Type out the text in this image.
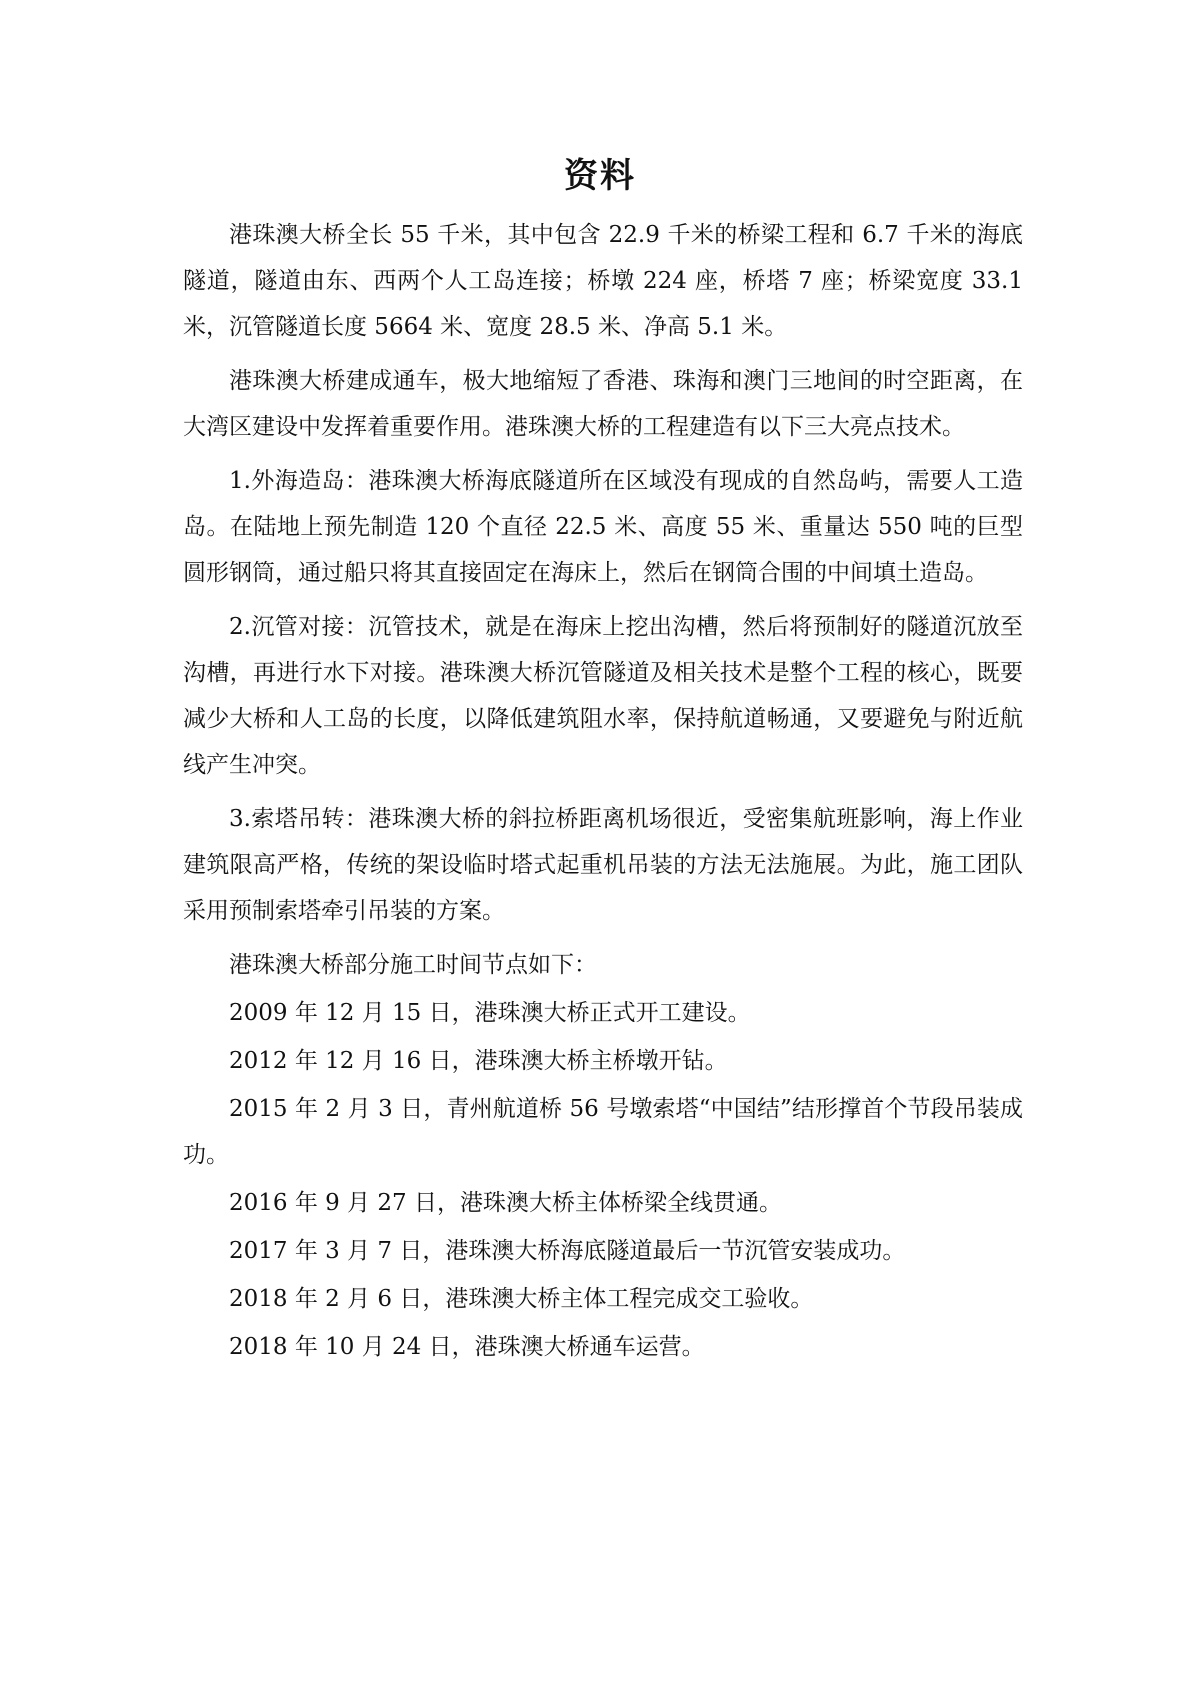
资料

港珠澳大桥全长 55 千米，其中包含 22.9 千米的桥梁工程和 6.7 千米的海底隧道，隧道由东、西两个人工岛连接；桥墩 224 座，桥塔 7 座；桥梁宽度 33.1 米，沉管隧道长度 5664 米、宽度 28.5 米、净高 5.1 米。

港珠澳大桥建成通车，极大地缩短了香港、珠海和澳门三地间的时空距离，在大湾区建设中发挥着重要作用。港珠澳大桥的工程建造有以下三大亮点技术。

1.外海造岛：港珠澳大桥海底隧道所在区域没有现成的自然岛屿，需要人工造岛。在陆地上预先制造 120 个直径 22.5 米、高度 55 米、重量达 550 吨的巨型圆形钢筒，通过船只将其直接固定在海床上，然后在钢筒合围的中间填土造岛。

2.沉管对接：沉管技术，就是在海床上挖出沟槽，然后将预制好的隧道沉放至沟槽，再进行水下对接。港珠澳大桥沉管隧道及相关技术是整个工程的核心，既要减少大桥和人工岛的长度，以降低建筑阻水率，保持航道畅通，又要避免与附近航线产生冲突。

3.索塔吊转：港珠澳大桥的斜拉桥距离机场很近，受密集航班影响，海上作业建筑限高严格，传统的架设临时塔式起重机吊装的方法无法施展。为此，施工团队采用预制索塔牵引吊装的方案。

港珠澳大桥部分施工时间节点如下：

2009 年 12 月 15 日，港珠澳大桥正式开工建设。

2012 年 12 月 16 日，港珠澳大桥主桥墩开钻。

2015 年 2 月 3 日，青州航道桥 56 号墩索塔“中国结”结形撑首个节段吊装成功。

2016 年 9 月 27 日，港珠澳大桥主体桥梁全线贯通。

2017 年 3 月 7 日，港珠澳大桥海底隧道最后一节沉管安装成功。

2018 年 2 月 6 日，港珠澳大桥主体工程完成交工验收。

2018 年 10 月 24 日，港珠澳大桥通车运营。
